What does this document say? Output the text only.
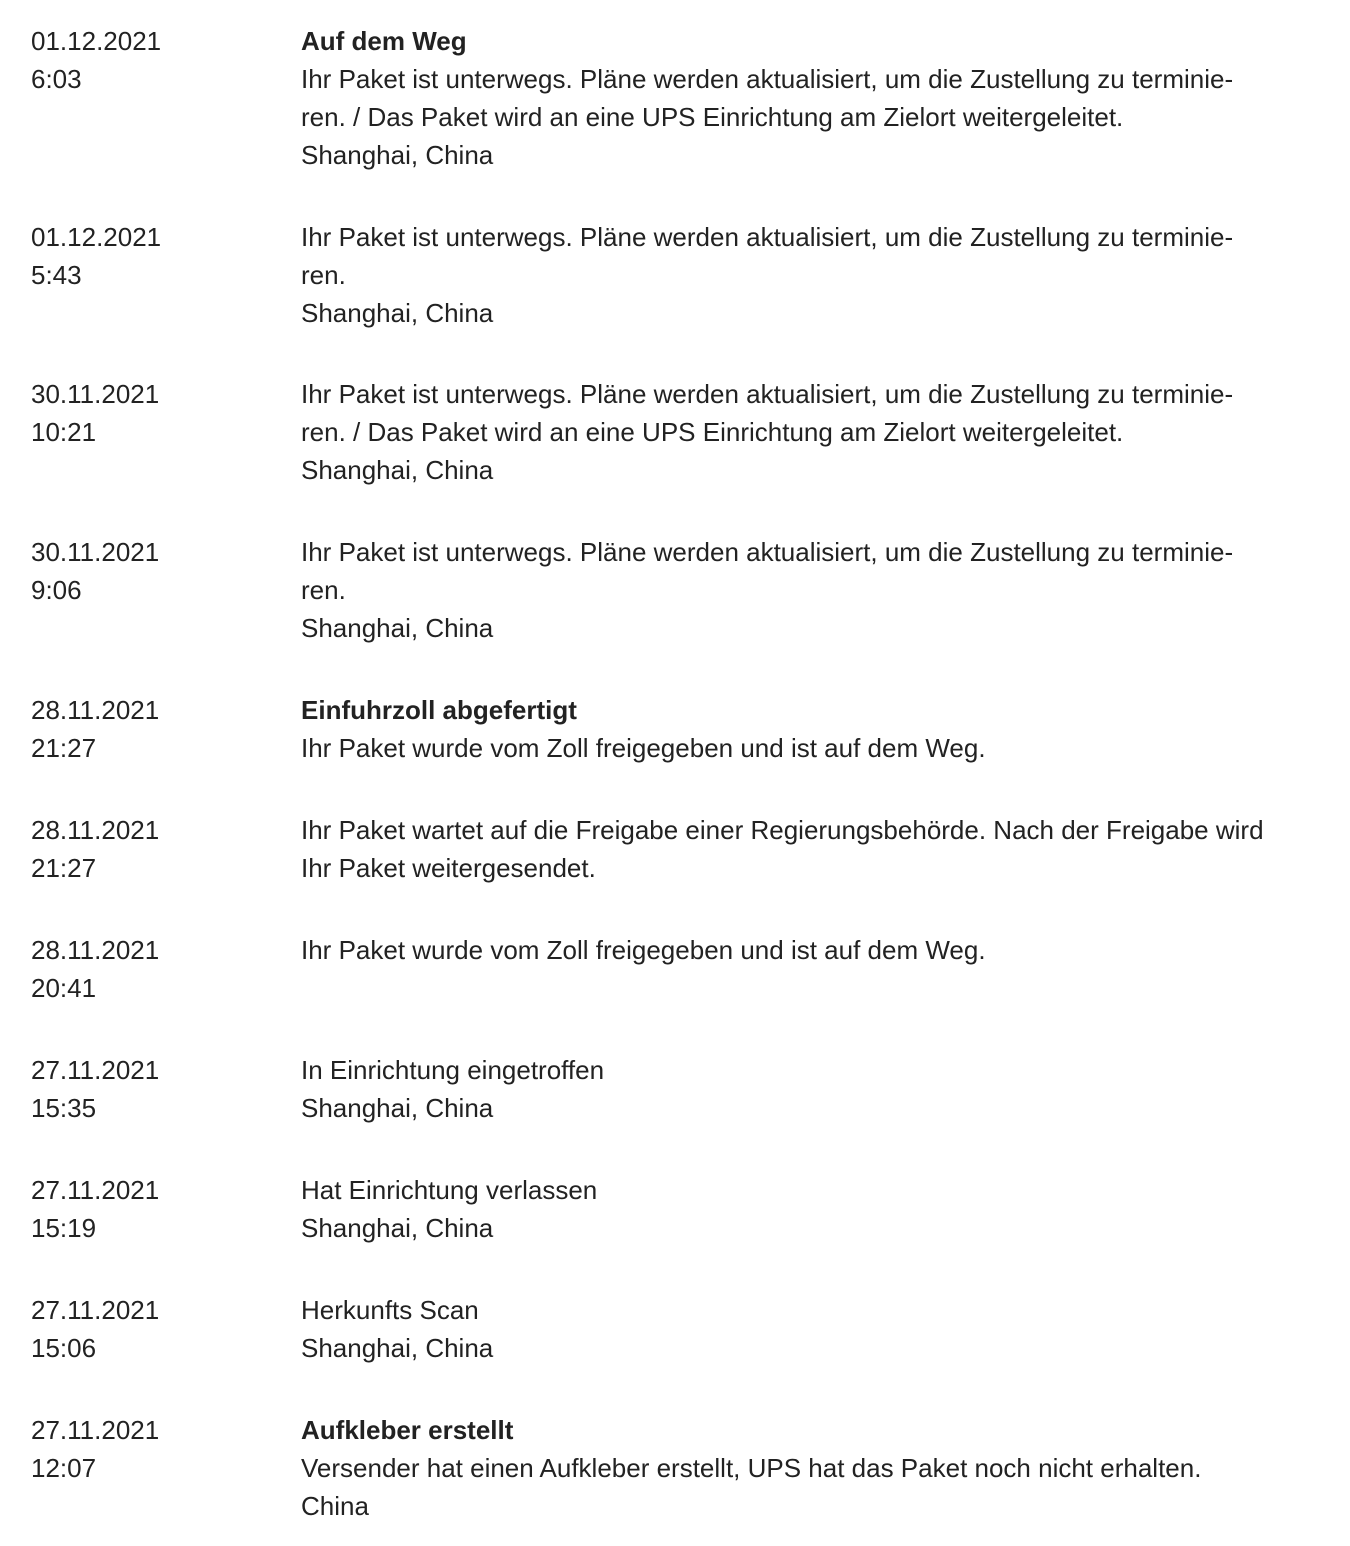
01.12.2021
6:03
Auf dem Weg
Ihr Paket ist unterwegs. Pläne werden aktualisiert, um die Zustellung zu terminie-
ren. / Das Paket wird an eine UPS Einrichtung am Zielort weitergeleitet.
Shanghai, China
01.12.2021
5:43
Ihr Paket ist unterwegs. Pläne werden aktualisiert, um die Zustellung zu terminie-
ren.
Shanghai, China
30.11.2021
10:21
Ihr Paket ist unterwegs. Pläne werden aktualisiert, um die Zustellung zu terminie-
ren. / Das Paket wird an eine UPS Einrichtung am Zielort weitergeleitet.
Shanghai, China
30.11.2021
9:06
Ihr Paket ist unterwegs. Pläne werden aktualisiert, um die Zustellung zu terminie-
ren.
Shanghai, China
28.11.2021
21:27
Einfuhrzoll abgefertigt
Ihr Paket wurde vom Zoll freigegeben und ist auf dem Weg.
28.11.2021
21:27
Ihr Paket wartet auf die Freigabe einer Regierungsbehörde. Nach der Freigabe wird
Ihr Paket weitergesendet.
28.11.2021
20:41
Ihr Paket wurde vom Zoll freigegeben und ist auf dem Weg.
27.11.2021
15:35
In Einrichtung eingetroffen
Shanghai, China
27.11.2021
15:19
Hat Einrichtung verlassen
Shanghai, China
27.11.2021
15:06
Herkunfts Scan
Shanghai, China
27.11.2021
12:07
Aufkleber erstellt
Versender hat einen Aufkleber erstellt, UPS hat das Paket noch nicht erhalten.
China
